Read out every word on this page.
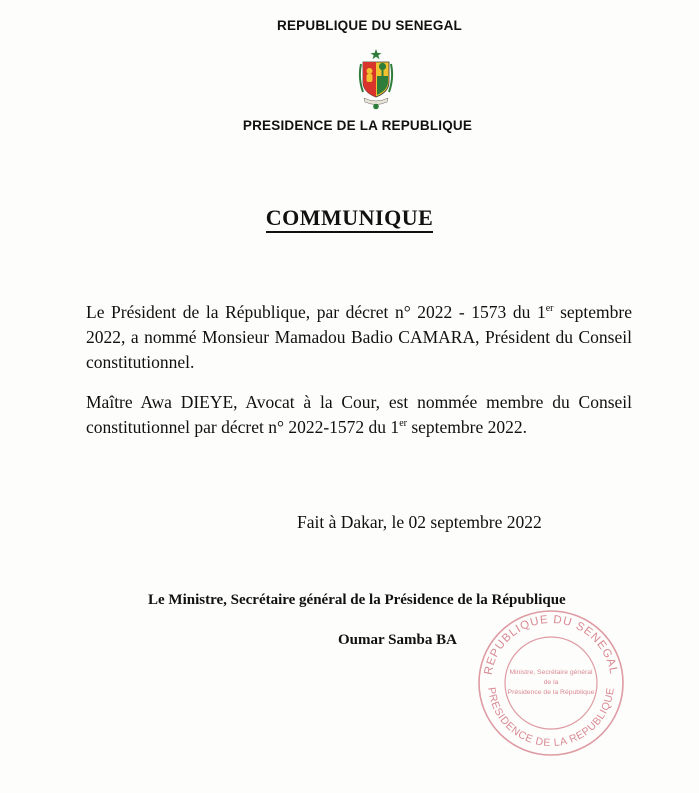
REPUBLIQUE DU SENEGAL
PRESIDENCE DE LA REPUBLIQUE
COMMUNIQUE
Le Président de la République, par décret n° 2022 - 1573 du 1er septembre 2022, a nommé Monsieur Mamadou Badio CAMARA, Président du Conseil constitutionnel.
Maître Awa DIEYE, Avocat à la Cour, est nommée membre du Conseil constitutionnel par décret n° 2022-1572 du 1er septembre 2022.
Fait à Dakar, le 02 septembre 2022
Le Ministre, Secrétaire général de la Présidence de la République
Oumar Samba BA
REPUBLIQUE DU SENEGAL
PRESIDENCE DE LA REPUBLIQUE
Ministre, Secrétaire général
de la
Présidence de la République
